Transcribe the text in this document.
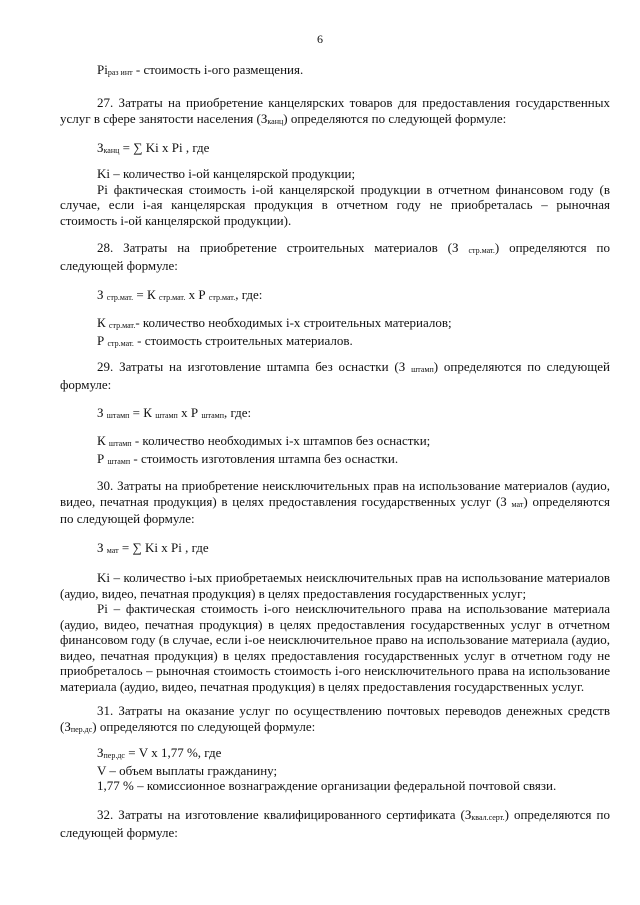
6

Piраз инт - стоимость i-ого размещения.

27. Затраты на приобретение канцелярских товаров для предоставления государственных услуг в сфере занятости населения (Зканц) определяются по следующей формуле:

Зканц = ∑ Ki x Pi , где

Ki – количество i-ой канцелярской продукции;

Pi фактическая стоимость i-ой канцелярской продукции в отчетном финансовом году (в случае, если i-ая канцелярская продукция в отчетном году не приобреталась – рыночная стоимость i-ой канцелярской продукции).

28. Затраты на приобретение строительных материалов (З стр.мат.) определяются по следующей формуле:

З стр.мат. = К стр.мат. х Р стр.мат., где:

К стр.мат.- количество необходимых i-х строительных материалов;

Р стр.мат. - стоимость строительных материалов.

29. Затраты на изготовление штампа без оснастки (З штамп) определяются по следующей формуле:

З штамп = К штамп х Р штамп, где:

К штамп - количество необходимых i-х штампов без оснастки;

Р штамп - стоимость изготовления штампа без оснастки.

30. Затраты на приобретение неисключительных прав на использование материалов (аудио, видео, печатная продукция) в целях предоставления государственных услуг (З мат) определяются по следующей формуле:

З мат = ∑ Ki x Pi , где

Ki – количество i-ых приобретаемых неисключительных прав на использование материалов (аудио, видео, печатная продукция) в целях предоставления государственных услуг;

Pi – фактическая стоимость i-ого неисключительного права на использование материала (аудио, видео, печатная продукция) в целях предоставления государственных услуг в отчетном финансовом году (в случае, если i-ое неисключительное право на использование материала (аудио, видео, печатная продукция) в целях предоставления государственных услуг в отчетном году не приобреталось – рыночная стоимость стоимость i-ого неисключительного права на использование материала (аудио, видео, печатная продукция) в целях предоставления государственных услуг.

31. Затраты на оказание услуг по осуществлению почтовых переводов денежных средств (Зпер.дс) определяются по следующей формуле:

Зпер.дс = V x 1,77 %, где

V – объем выплаты гражданину;

1,77 % – комиссионное вознаграждение организации федеральной почтовой связи.

32. Затраты на изготовление квалифицированного сертификата (Зквал.серт.) определяются по следующей формуле:
